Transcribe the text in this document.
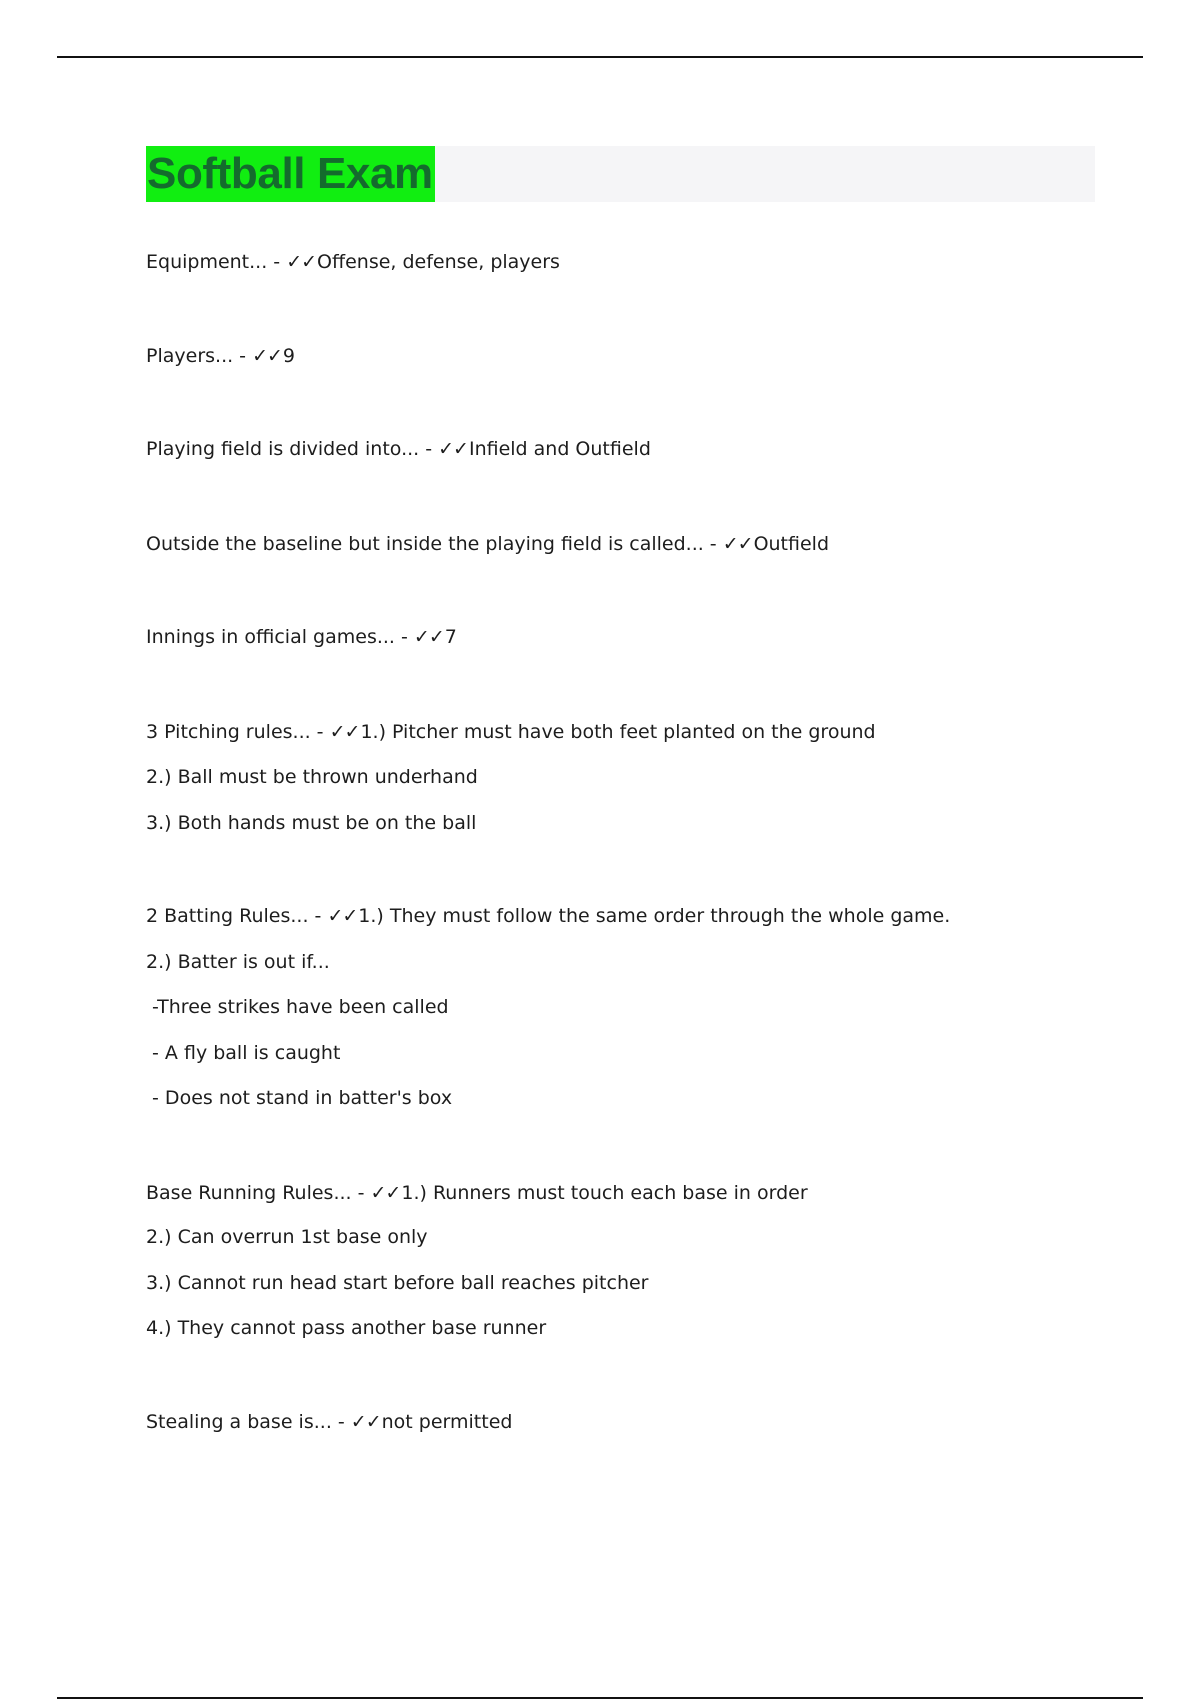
Softball Exam
Equipment... - ✓✓Offense, defense, players
Players... - ✓✓9
Playing field is divided into... - ✓✓Infield and Outfield
Outside the baseline but inside the playing field is called... - ✓✓Outfield
Innings in official games... - ✓✓7
3 Pitching rules... - ✓✓1.) Pitcher must have both feet planted on the ground
2.) Ball must be thrown underhand
3.) Both hands must be on the ball
2 Batting Rules... - ✓✓1.) They must follow the same order through the whole game.
2.) Batter is out if...
-Three strikes have been called
- A fly ball is caught
- Does not stand in batter's box
Base Running Rules... - ✓✓1.) Runners must touch each base in order
2.) Can overrun 1st base only
3.) Cannot run head start before ball reaches pitcher
4.) They cannot pass another base runner
Stealing a base is... - ✓✓not permitted
